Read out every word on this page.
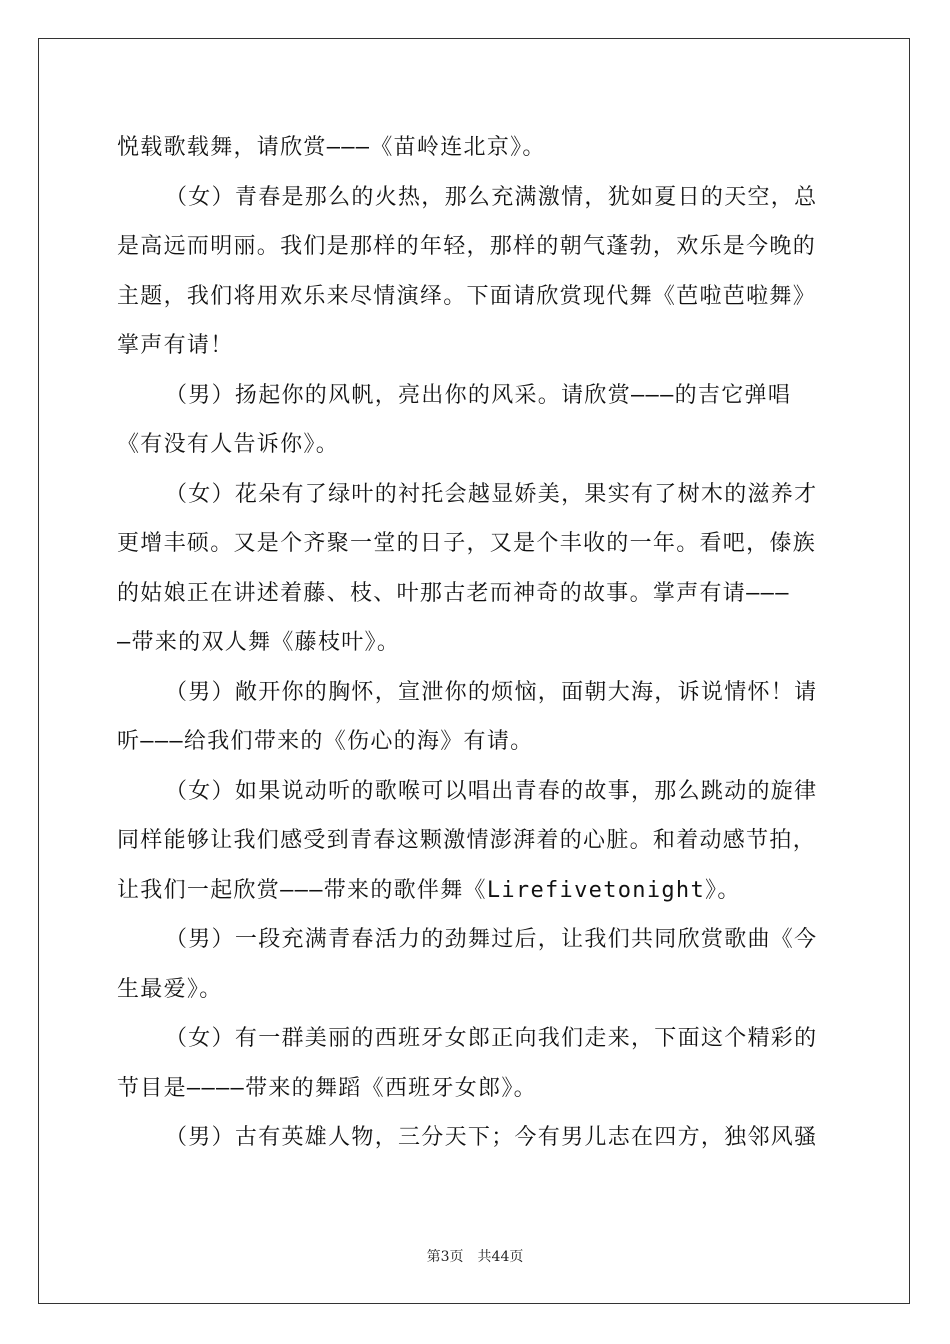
悦载歌载舞，请欣赏———《苗岭连北京》。
（女）青春是那么的火热，那么充满激情，犹如夏日的天空，总
是高远而明丽。我们是那样的年轻，那样的朝气蓬勃，欢乐是今晚的
主题，我们将用欢乐来尽情演绎。下面请欣赏现代舞《芭啦芭啦舞》
掌声有请！
（男）扬起你的风帆，亮出你的风采。请欣赏———的吉它弹唱
《有没有人告诉你》。
（女）花朵有了绿叶的衬托会越显娇美，果实有了树木的滋养才
更增丰硕。又是个齐聚一堂的日子，又是个丰收的一年。看吧，傣族
的姑娘正在讲述着藤、枝、叶那古老而神奇的故事。掌声有请———
—带来的双人舞《藤枝叶》。
（男）敞开你的胸怀，宣泄你的烦恼，面朝大海，诉说情怀！请
听———给我们带来的《伤心的海》有请。
（女）如果说动听的歌喉可以唱出青春的故事，那么跳动的旋律
同样能够让我们感受到青春这颗激情澎湃着的心脏。和着动感节拍，
让我们一起欣赏———带来的歌伴舞《Lirefivetonight》。
（男）一段充满青春活力的劲舞过后，让我们共同欣赏歌曲《今
生最爱》。
（女）有一群美丽的西班牙女郎正向我们走来，下面这个精彩的
节目是————带来的舞蹈《西班牙女郎》。
（男）古有英雄人物，三分天下；今有男儿志在四方，独邻风骚
第3页　共44页
